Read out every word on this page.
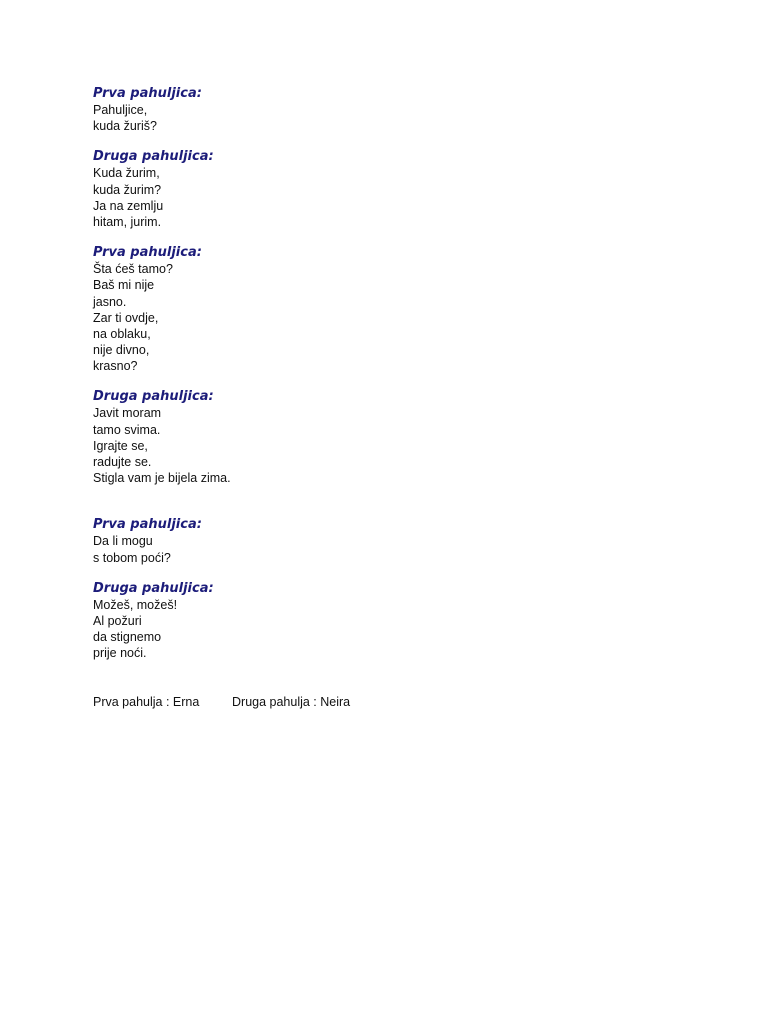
Prva pahuljica:
Pahuljice,
kuda žuriš?
Druga pahuljica:
Kuda žurim,
kuda žurim?
Ja na zemlju
hitam, jurim.
Prva pahuljica:
Šta ćeš tamo?
Baš mi nije
jasno.
Zar ti ovdje,
na oblaku,
nije divno,
krasno?
Druga pahuljica:
Javit moram
tamo svima.
Igrajte se,
radujte se.
Stigla vam je bijela zima.
Prva pahuljica:
Da li mogu
s tobom poći?
Druga pahuljica:
Možeš, možeš!
Al požuri
da stignemo
prije noći.
Prva pahulja : Erna	Druga pahulja : Neira
